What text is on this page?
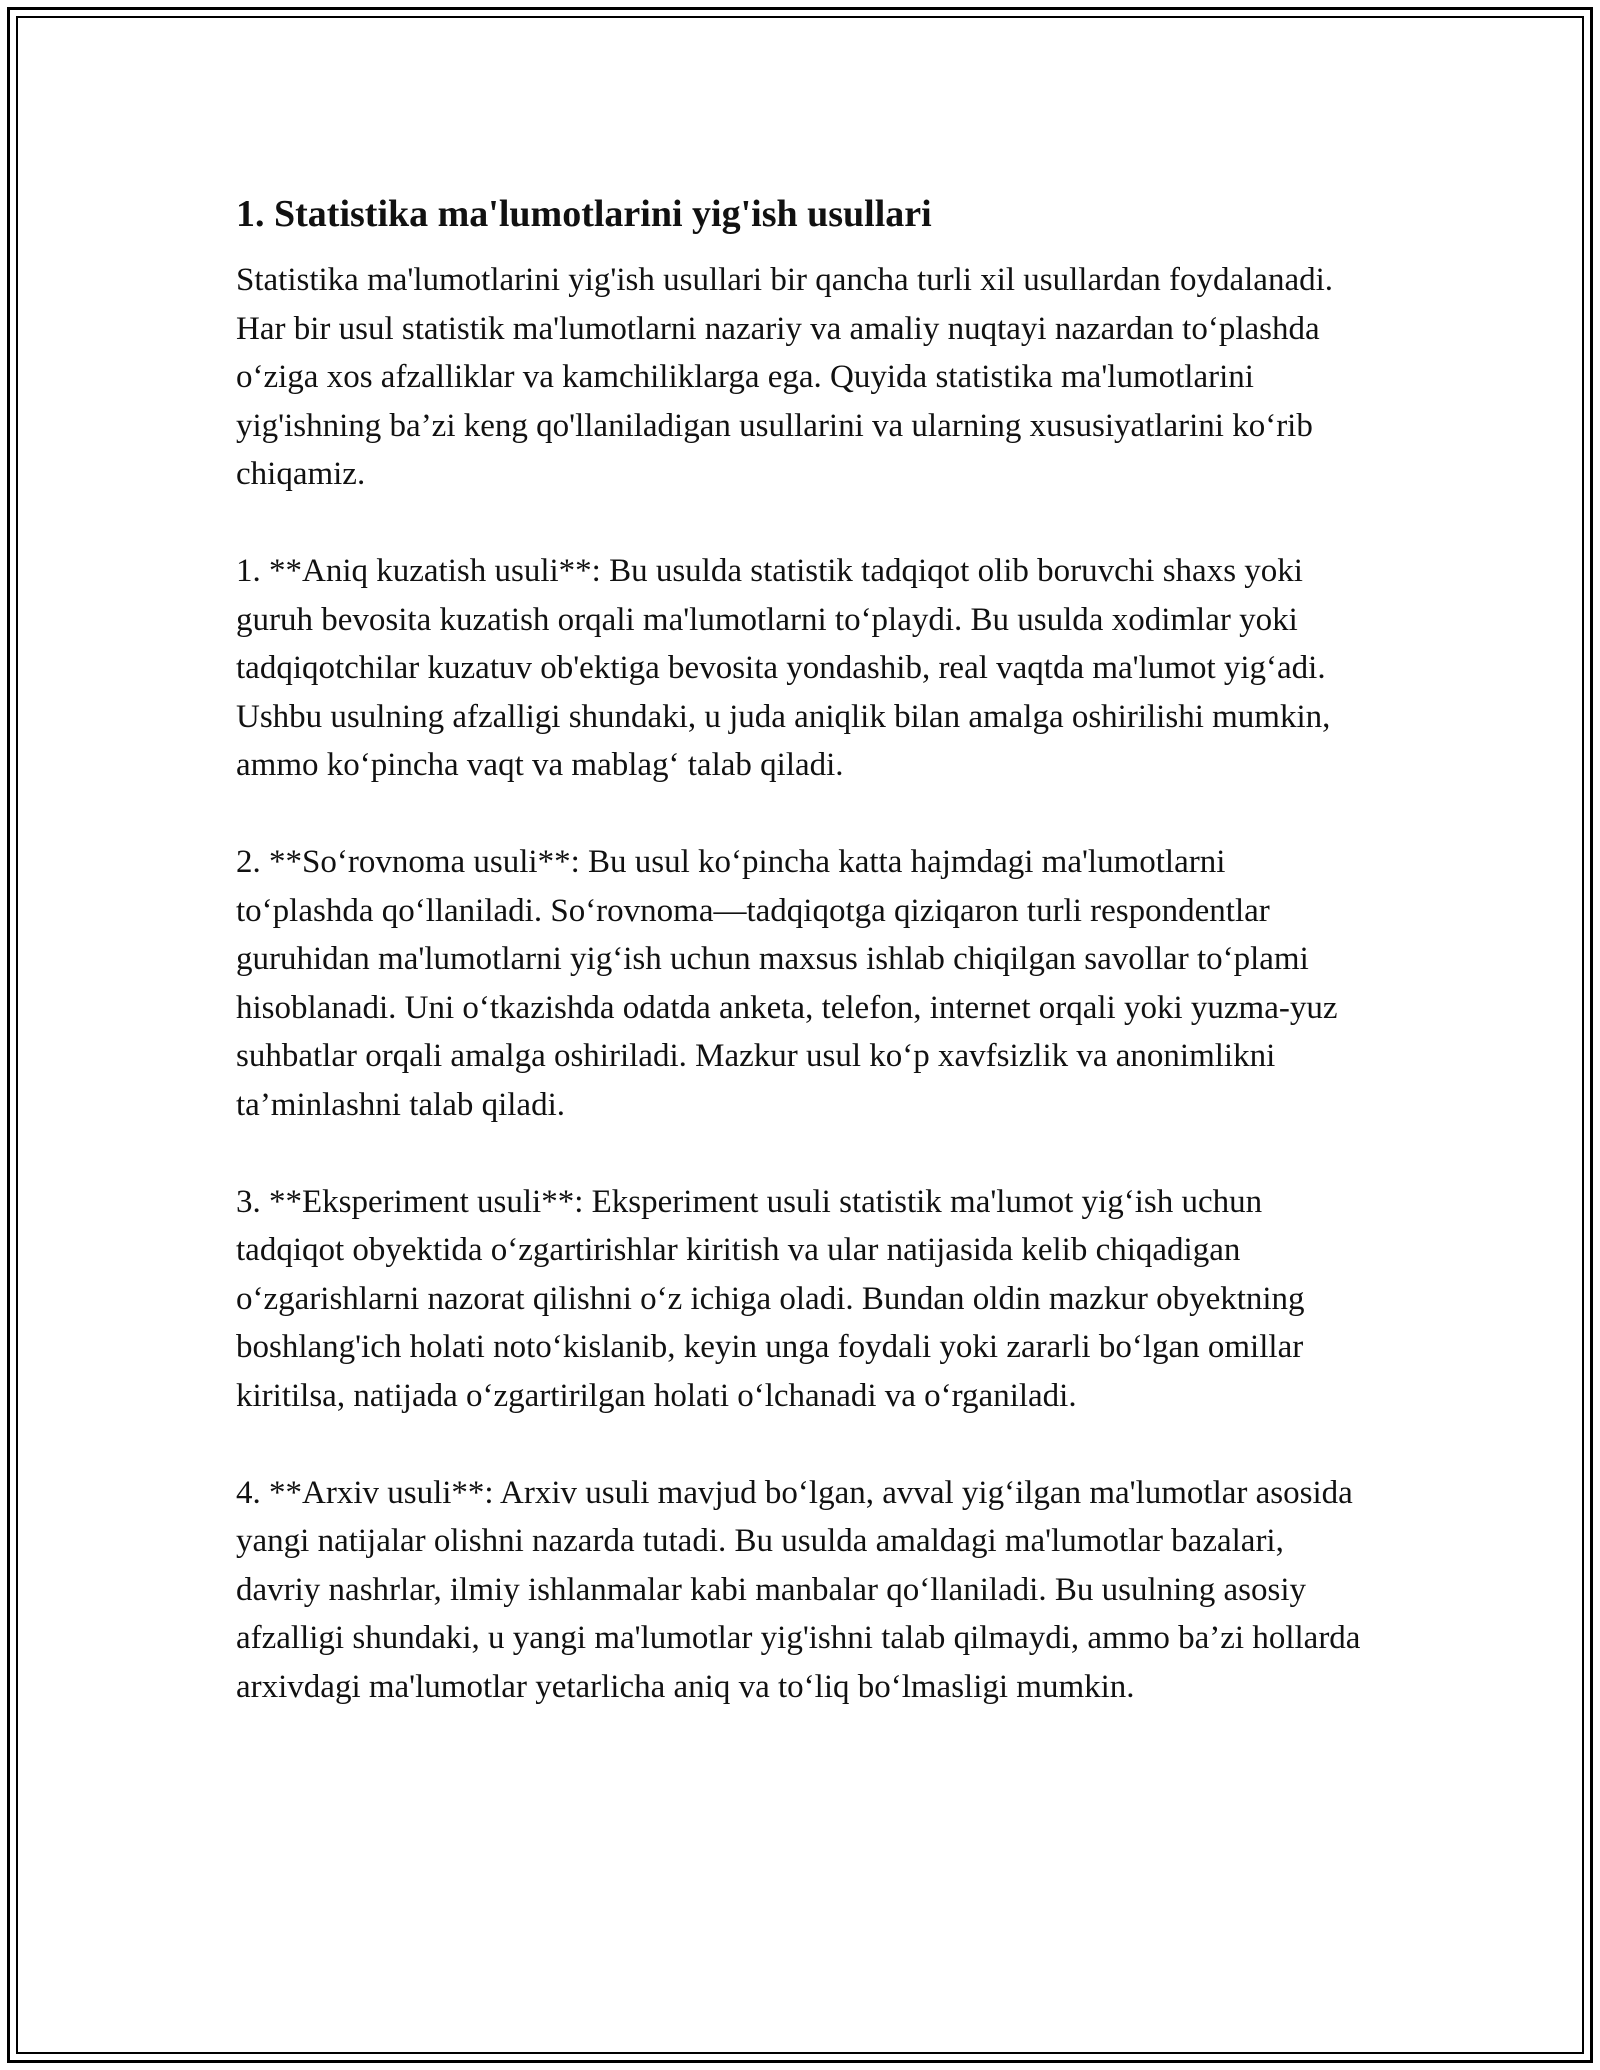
1. Statistika ma'lumotlarini yig'ish usullari

Statistika ma'lumotlarini yig'ish usullari bir qancha turli xil usullardan foydalanadi. Har bir usul statistik ma'lumotlarni nazariy va amaliy nuqtayi nazardan to‘plashda o‘ziga xos afzalliklar va kamchiliklarga ega. Quyida statistika ma'lumotlarini yig'ishning ba’zi keng qo'llaniladigan usullarini va ularning xususiyatlarini ko‘rib chiqamiz.

1. **Aniq kuzatish usuli**: Bu usulda statistik tadqiqot olib boruvchi shaxs yoki guruh bevosita kuzatish orqali ma'lumotlarni to‘playdi. Bu usulda xodimlar yoki tadqiqotchilar kuzatuv ob'ektiga bevosita yondashib, real vaqtda ma'lumot yig‘adi. Ushbu usulning afzalligi shundaki, u juda aniqlik bilan amalga oshirilishi mumkin, ammo ko‘pincha vaqt va mablag‘ talab qiladi.

2. **So‘rovnoma usuli**: Bu usul ko‘pincha katta hajmdagi ma'lumotlarni to‘plashda qo‘llaniladi. So‘rovnoma—tadqiqotga qiziqaron turli respondentlar guruhidan ma'lumotlarni yig‘ish uchun maxsus ishlab chiqilgan savollar to‘plami hisoblanadi. Uni o‘tkazishda odatda anketa, telefon, internet orqali yoki yuzma-yuz suhbatlar orqali amalga oshiriladi. Mazkur usul ko‘p xavfsizlik va anonimlikni ta’minlashni talab qiladi.

3. **Eksperiment usuli**: Eksperiment usuli statistik ma'lumot yig‘ish uchun tadqiqot obyektida o‘zgartirishlar kiritish va ular natijasida kelib chiqadigan o‘zgarishlarni nazorat qilishni o‘z ichiga oladi. Bundan oldin mazkur obyektning boshlang'ich holati noto‘kislanib, keyin unga foydali yoki zararli bo‘lgan omillar kiritilsa, natijada o‘zgartirilgan holati o‘lchanadi va o‘rganiladi.

4. **Arxiv usuli**: Arxiv usuli mavjud bo‘lgan, avval yig‘ilgan ma'lumotlar asosida yangi natijalar olishni nazarda tutadi. Bu usulda amaldagi ma'lumotlar bazalari, davriy nashrlar, ilmiy ishlanmalar kabi manbalar qo‘llaniladi. Bu usulning asosiy afzalligi shundaki, u yangi ma'lumotlar yig'ishni talab qilmaydi, ammo ba’zi hollarda arxivdagi ma'lumotlar yetarlicha aniq va to‘liq bo‘lmasligi mumkin.
